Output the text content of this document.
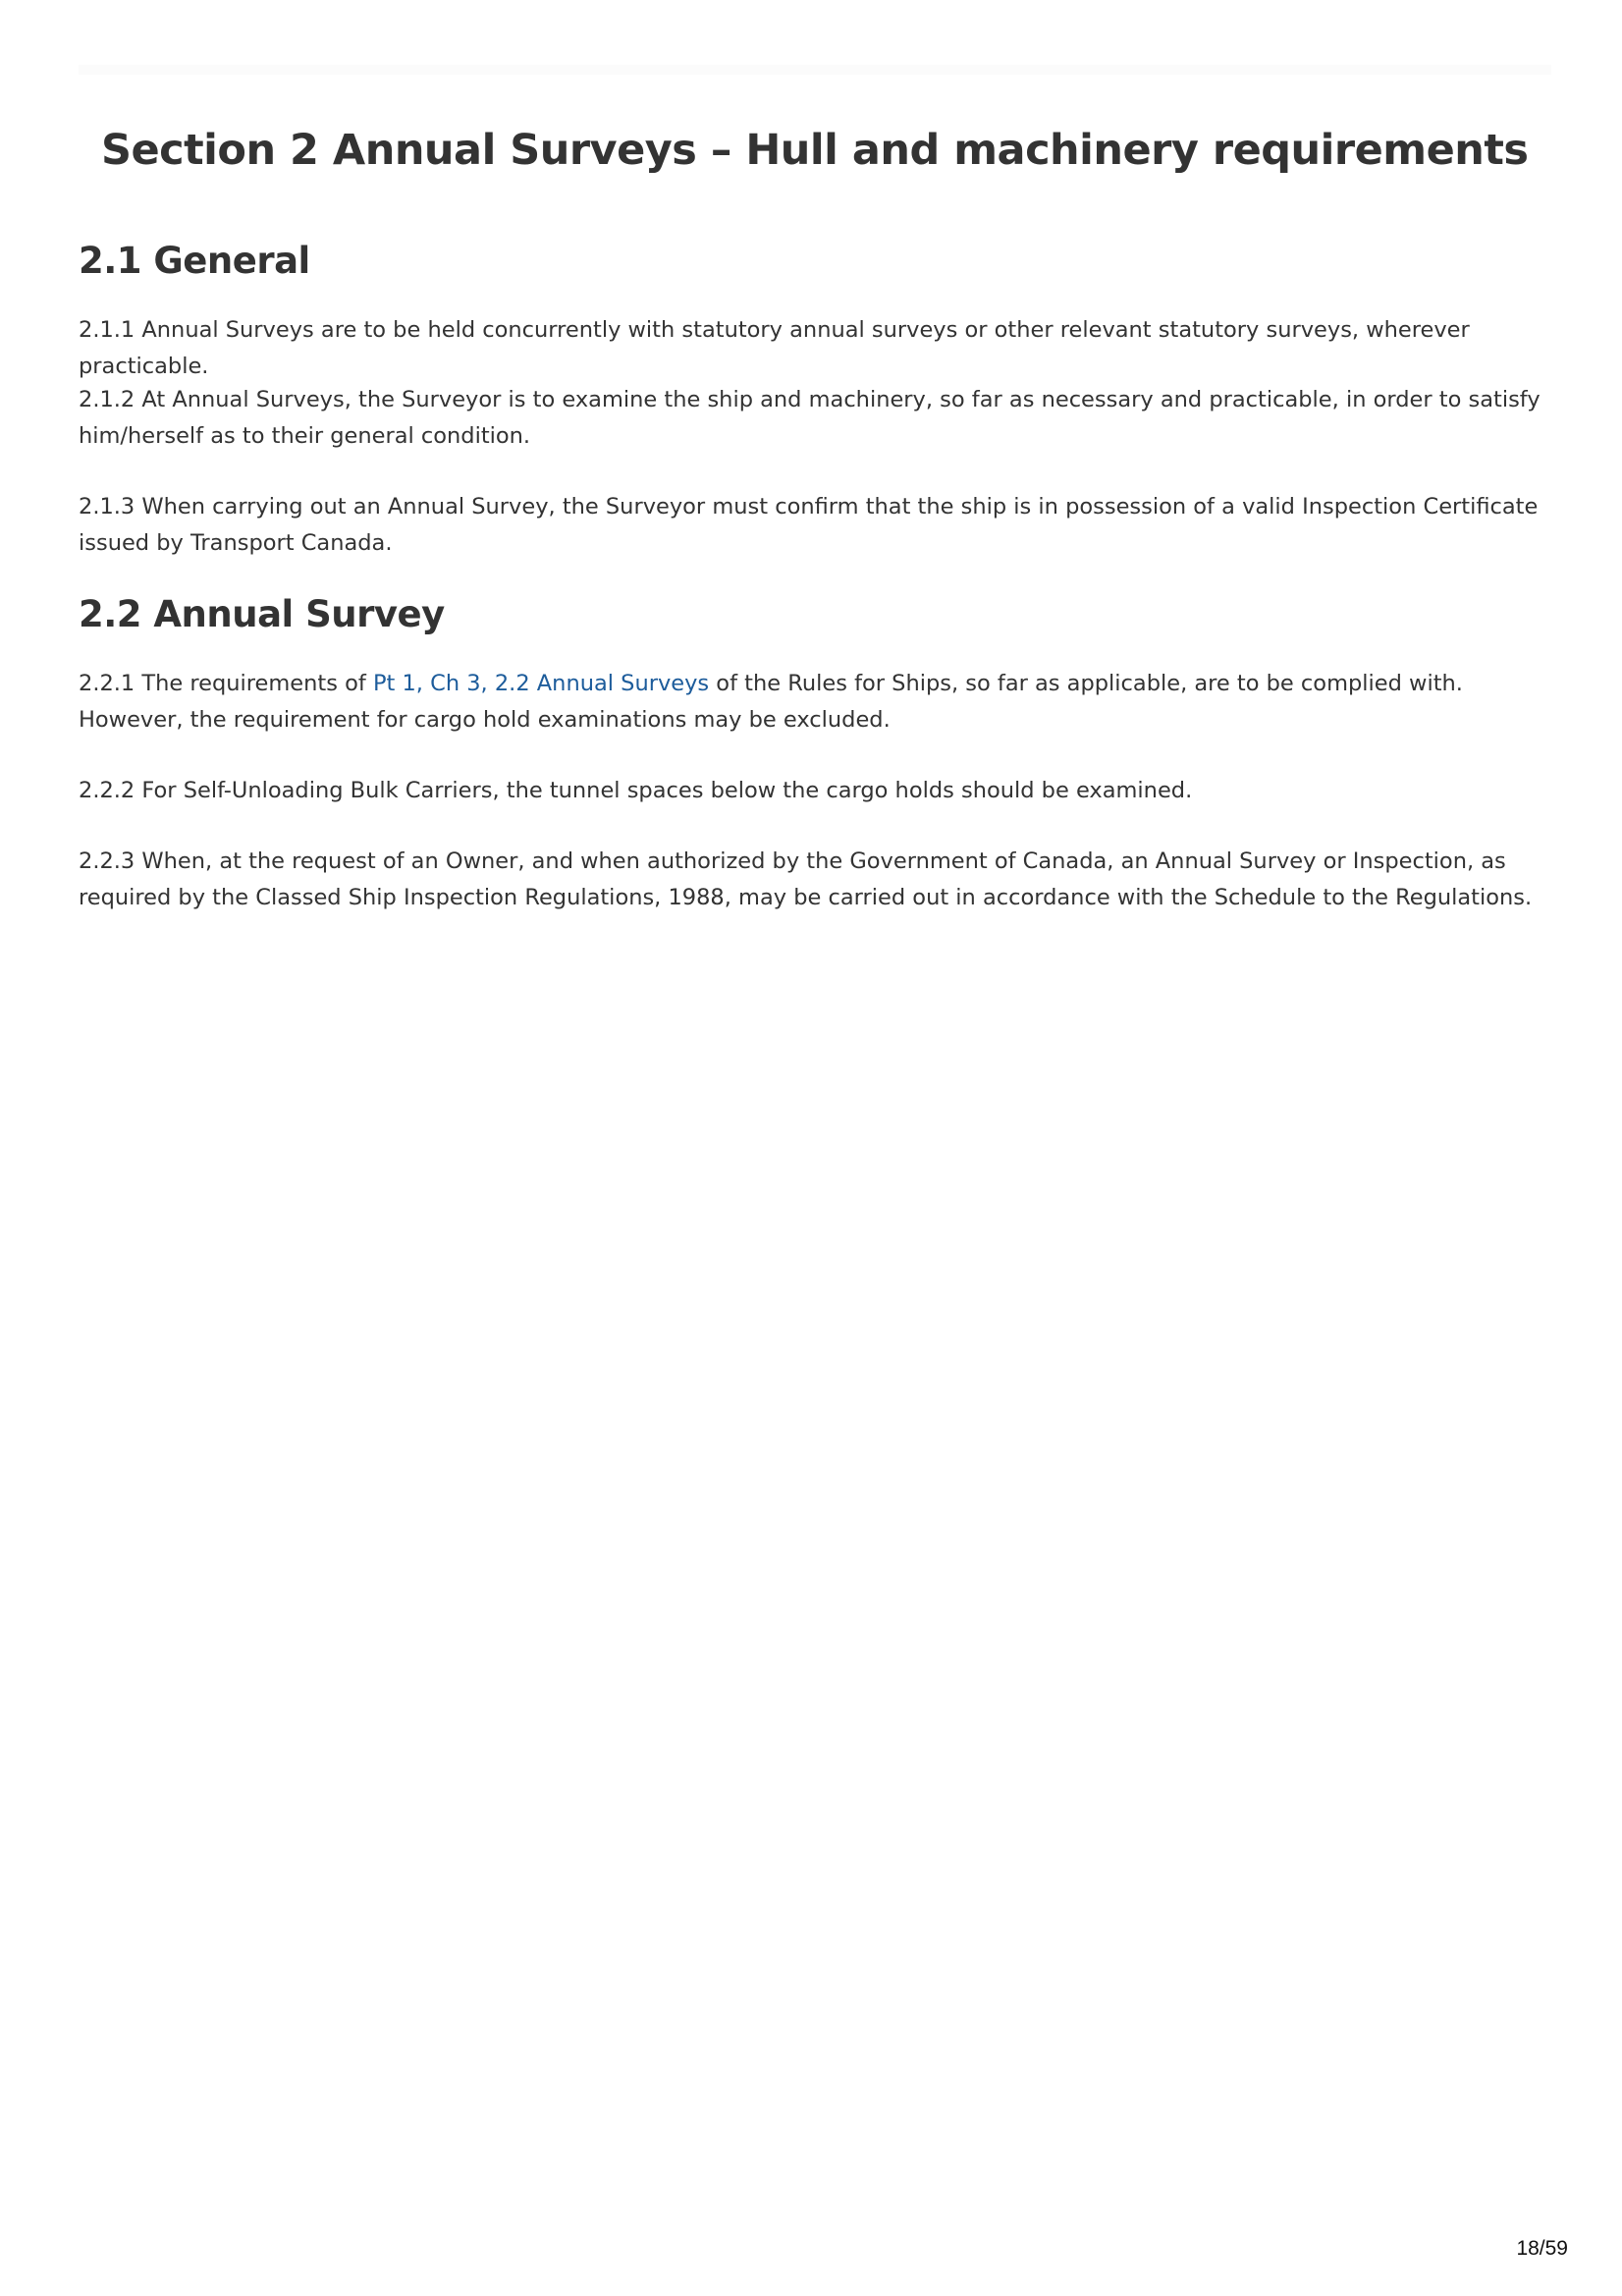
Section 2 Annual Surveys – Hull and machinery requirements
2.1 General

2.1.1 Annual Surveys are to be held concurrently with statutory annual surveys or other relevant statutory surveys, wherever practicable.

2.1.2 At Annual Surveys, the Surveyor is to examine the ship and machinery, so far as necessary and practicable, in order to satisfy him/herself as to their general condition.

2.1.3 When carrying out an Annual Survey, the Surveyor must confirm that the ship is in possession of a valid Inspection Certificate issued by Transport Canada.

2.2 Annual Survey

2.2.1 The requirements of Pt 1, Ch 3, 2.2 Annual Surveys of the Rules for Ships, so far as applicable, are to be complied with. However, the requirement for cargo hold examinations may be excluded.

2.2.2 For Self-Unloading Bulk Carriers, the tunnel spaces below the cargo holds should be examined.

2.2.3 When, at the request of an Owner, and when authorized by the Government of Canada, an Annual Survey or Inspection, as required by the Classed Ship Inspection Regulations, 1988, may be carried out in accordance with the Schedule to the Regulations.

18/59
